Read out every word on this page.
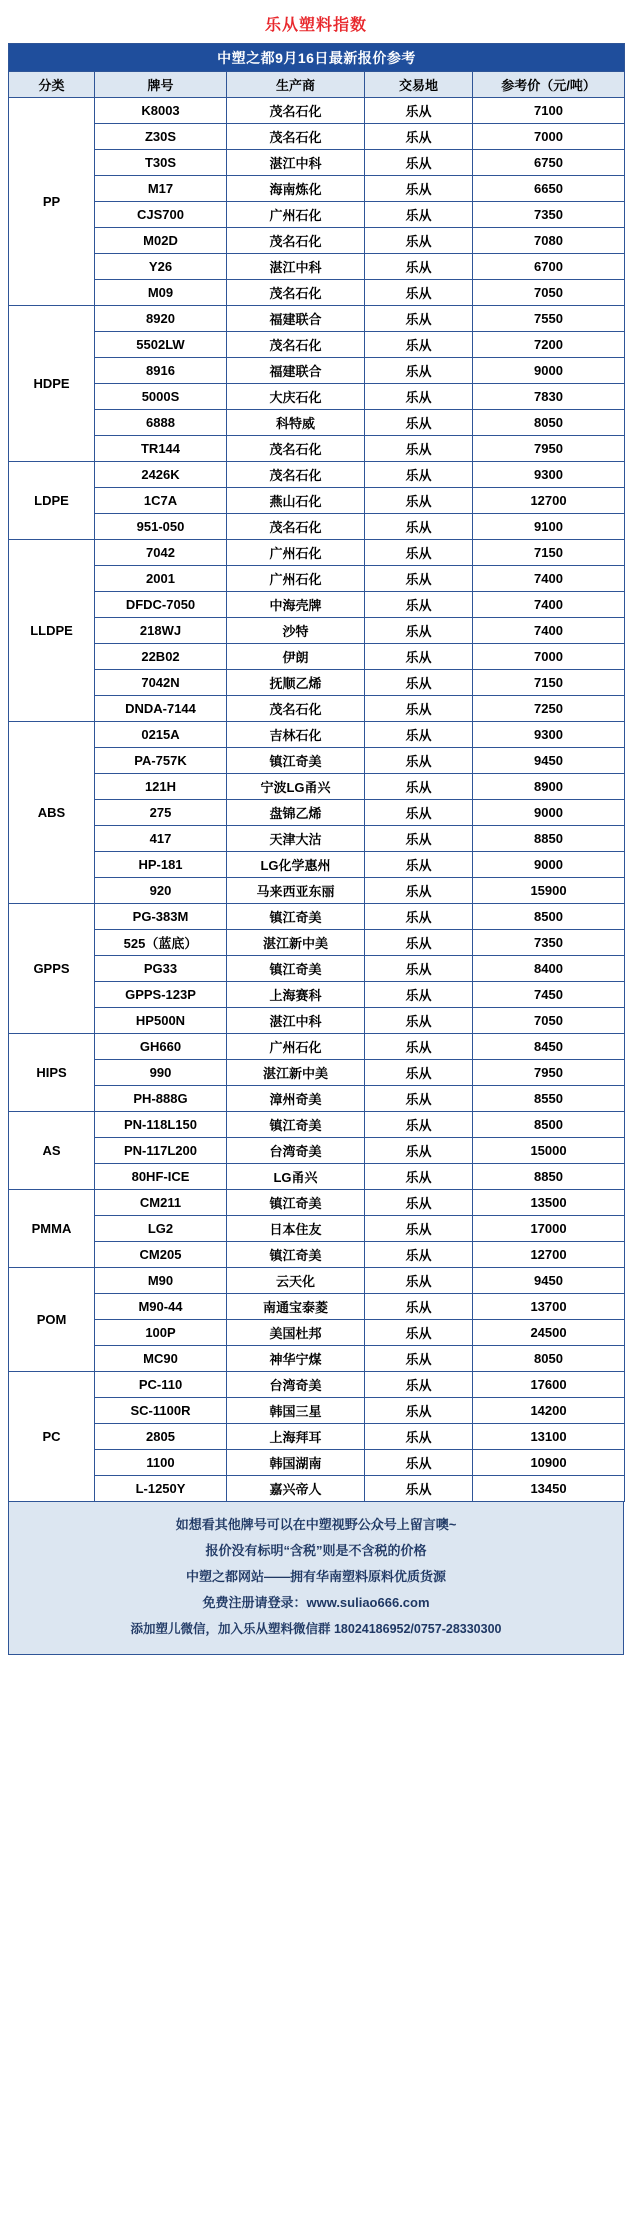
乐从塑料指数
中塑之都9月16日最新报价参考				
分类	牌号	生产商	交易地	参考价（元/吨）
PP	K8003	茂名石化	乐从	7100
	Z30S	茂名石化	乐从	7000
	T30S	湛江中科	乐从	6750
	M17	海南炼化	乐从	6650
	CJS700	广州石化	乐从	7350
	M02D	茂名石化	乐从	7080
	Y26	湛江中科	乐从	6700
	M09	茂名石化	乐从	7050
HDPE	8920	福建联合	乐从	7550
	5502LW	茂名石化	乐从	7200
	8916	福建联合	乐从	9000
	5000S	大庆石化	乐从	7830
	6888	科特威	乐从	8050
	TR144	茂名石化	乐从	7950
LDPE	2426K	茂名石化	乐从	9300
	1C7A	燕山石化	乐从	12700
	951-050	茂名石化	乐从	9100
LLDPE	7042	广州石化	乐从	7150
	2001	广州石化	乐从	7400
	DFDC-7050	中海壳牌	乐从	7400
	218WJ	沙特	乐从	7400
	22B02	伊朗	乐从	7000
	7042N	抚顺乙烯	乐从	7150
	DNDA-7144	茂名石化	乐从	7250
ABS	0215A	吉林石化	乐从	9300
	PA-757K	镇江奇美	乐从	9450
	121H	宁波LG甬兴	乐从	8900
	275	盘锦乙烯	乐从	9000
	417	天津大沽	乐从	8850
	HP-181	LG化学惠州	乐从	9000
	920	马来西亚东丽	乐从	15900
GPPS	PG-383M	镇江奇美	乐从	8500
	525（蓝底）	湛江新中美	乐从	7350
	PG33	镇江奇美	乐从	8400
	GPPS-123P	上海赛科	乐从	7450
	HP500N	湛江中科	乐从	7050
HIPS	GH660	广州石化	乐从	8450
	990	湛江新中美	乐从	7950
	PH-888G	漳州奇美	乐从	8550
AS	PN-118L150	镇江奇美	乐从	8500
	PN-117L200	台湾奇美	乐从	15000
	80HF-ICE	LG甬兴	乐从	8850
PMMA	CM211	镇江奇美	乐从	13500
	LG2	日本住友	乐从	17000
	CM205	镇江奇美	乐从	12700
POM	M90	云天化	乐从	9450
	M90-44	南通宝泰菱	乐从	13700
	100P	美国杜邦	乐从	24500
	MC90	神华宁煤	乐从	8050
PC	PC-110	台湾奇美	乐从	17600
	SC-1100R	韩国三星	乐从	14200
	2805	上海拜耳	乐从	13100
	1100	韩国湖南	乐从	10900
	L-1250Y	嘉兴帝人	乐从	13450
如想看其他牌号可以在中塑视野公众号上留言噢~
报价没有标明“含税”则是不含税的价格
中塑之都网站——拥有华南塑料原料优质货源
免费注册请登录：www.suliao666.com
添加塑儿微信，加入乐从塑料微信群 18024186952/0757-28330300
